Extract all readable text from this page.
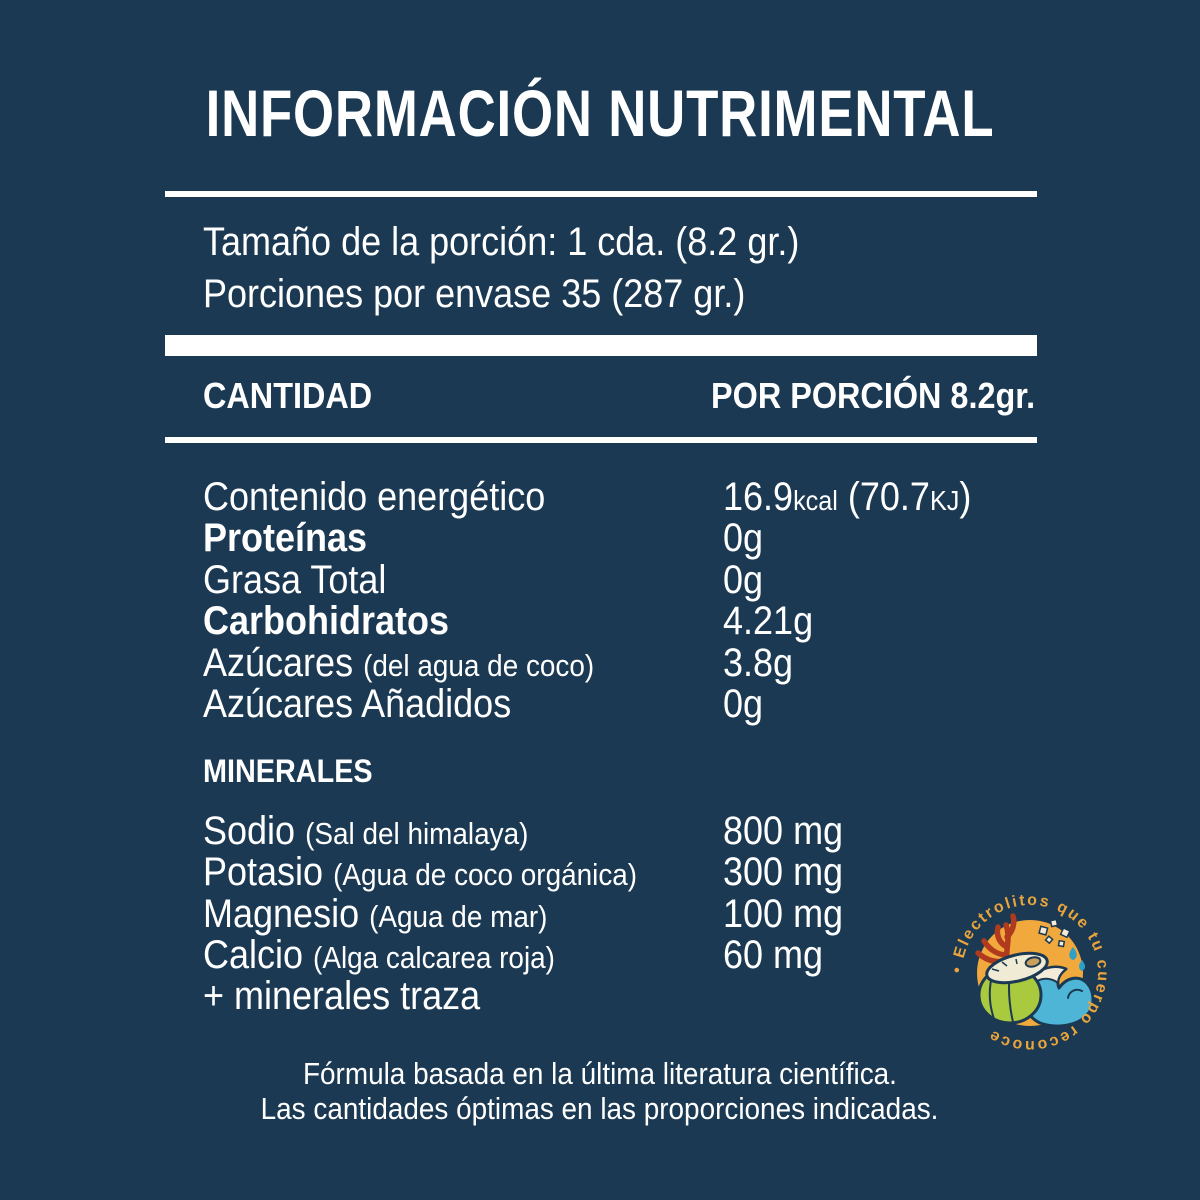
INFORMACIÓN NUTRIMENTAL
Tamaño de la porción: 1 cda. (8.2 gr.)
Porciones por envase 35 (287 gr.)
CANTIDAD	POR PORCIÓN 8.2gr.
Contenido energético	16.9kcal (70.7KJ)
Proteínas	0g
Grasa Total	0g
Carbohidratos	4.21g
Azúcares (del agua de coco)	3.8g
Azúcares Añadidos	0g
MINERALES
Sodio (Sal del himalaya)	800 mg
Potasio (Agua de coco orgánica) 300 mg
Magnesio (Agua de mar)	100 mg
Calcio (Alga calcarea roja)	60 mg
+ minerales traza
• Electrolitos que tu cuerpo reconoce
Fórmula basada en la última literatura científica.
Las cantidades óptimas en las proporciones indicadas.
